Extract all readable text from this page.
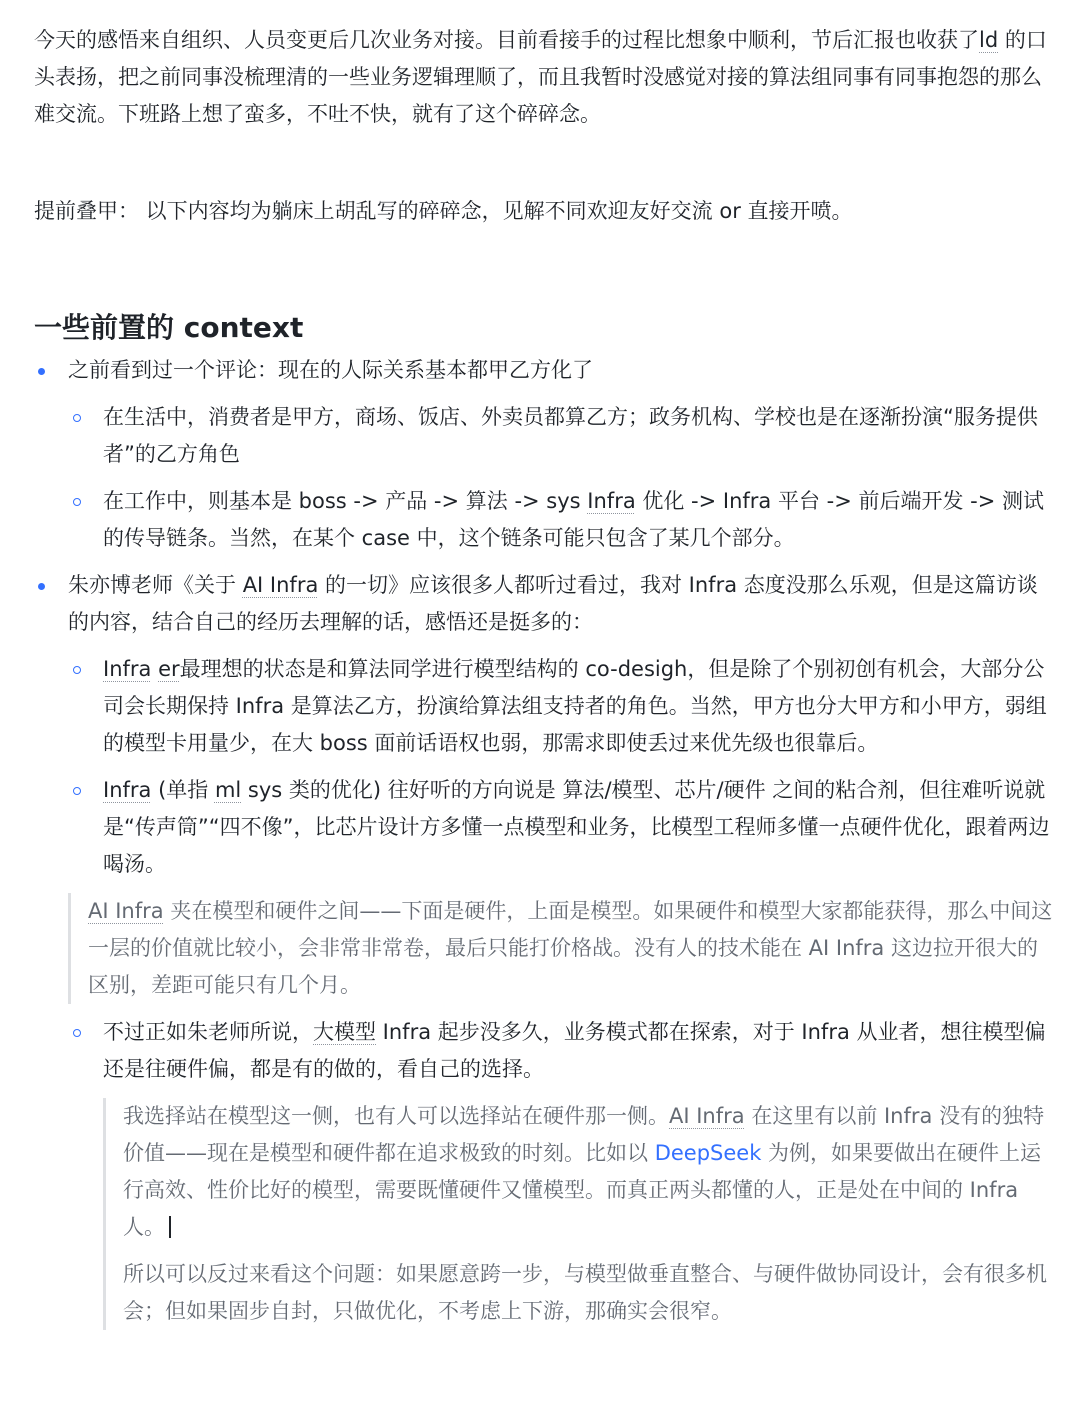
今天的感悟来自组织、人员变更后几次业务对接。目前看接手的过程比想象中顺利，节后汇报也收获了ld 的口头表扬，把之前同事没梳理清的一些业务逻辑理顺了，而且我暂时没感觉对接的算法组同事有同事抱怨的那么难交流。下班路上想了蛮多，不吐不快，就有了这个碎碎念。

提前叠甲： 以下内容均为躺床上胡乱写的碎碎念，见解不同欢迎友好交流 or 直接开喷。

一些前置的 context
之前看到过一个评论：现在的人际关系基本都甲乙方化了
在生活中，消费者是甲方，商场、饭店、外卖员都算乙方；政务机构、学校也是在逐渐扮演“服务提供者”的乙方角色
在工作中，则基本是 boss -> 产品 -> 算法 -> sys Infra 优化 -> Infra 平台 -> 前后端开发 -> 测试 的传导链条。当然，在某个 case 中，这个链条可能只包含了某几个部分。
朱亦博老师《关于 AI Infra 的一切》应该很多人都听过看过，我对 Infra 态度没那么乐观，但是这篇访谈的内容，结合自己的经历去理解的话，感悟还是挺多的：
Infra er最理想的状态是和算法同学进行模型结构的 co-desigh，但是除了个别初创有机会，大部分公司会长期保持 Infra 是算法乙方，扮演给算法组支持者的角色。当然，甲方也分大甲方和小甲方，弱组的模型卡用量少，在大 boss 面前话语权也弱，那需求即使丢过来优先级也很靠后。
Infra (单指 ml sys 类的优化) 往好听的方向说是 算法/模型、芯片/硬件 之间的粘合剂，但往难听说就是“传声筒”“四不像”，比芯片设计方多懂一点模型和业务，比模型工程师多懂一点硬件优化，跟着两边喝汤。

AI Infra 夹在模型和硬件之间——下面是硬件，上面是模型。如果硬件和模型大家都能获得，那么中间这一层的价值就比较小，会非常非常卷，最后只能打价格战。没有人的技术能在 AI Infra 这边拉开很大的区别，差距可能只有几个月。

不过正如朱老师所说，大模型 Infra 起步没多久，业务模式都在探索，对于 Infra 从业者，想往模型偏还是往硬件偏，都是有的做的，看自己的选择。

我选择站在模型这一侧，也有人可以选择站在硬件那一侧。AI Infra 在这里有以前 Infra 没有的独特价值——现在是模型和硬件都在追求极致的时刻。比如以 DeepSeek 为例，如果要做出在硬件上运行高效、性价比好的模型，需要既懂硬件又懂模型。而真正两头都懂的人，正是处在中间的 Infra 人。

所以可以反过来看这个问题：如果愿意跨一步，与模型做垂直整合、与硬件做协同设计，会有很多机会；但如果固步自封，只做优化，不考虑上下游，那确实会很窄。
